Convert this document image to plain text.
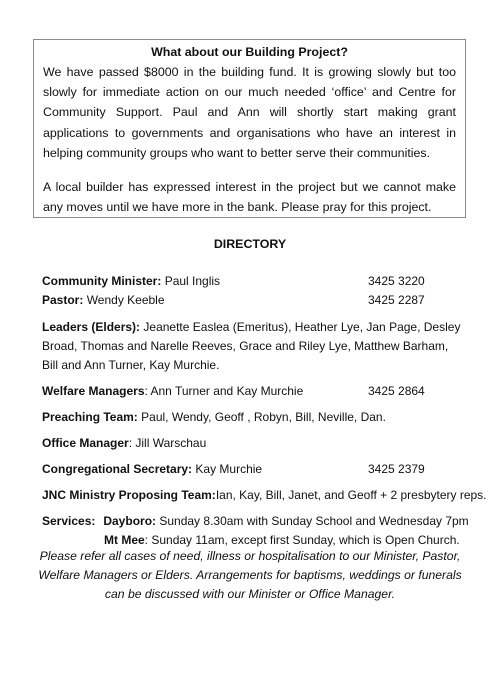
What about our Building Project?

We have passed $8000 in the building fund. It is growing slowly but too slowly for immediate action on our much needed ‘office’ and Centre for Community Support. Paul and Ann will shortly start making grant applications to governments and organisations who have an interest in helping community groups who want to better serve their communities.

A local builder has expressed interest in the project but we cannot make any moves until we have more in the bank. Please pray for this project.

DIRECTORY
Community Minister: Paul Inglis	3425 3220
Pastor: Wendy Keeble	3425 2287
Leaders (Elders): Jeanette Easlea (Emeritus), Heather Lye, Jan Page, Desley Broad, Thomas and Narelle Reeves, Grace and Riley Lye, Matthew Barham, Bill and Ann Turner, Kay Murchie.
Welfare Managers: Ann Turner and Kay Murchie	3425 2864
Preaching Team: Paul, Wendy, Geoff , Robyn, Bill, Neville, Dan.
Office Manager: Jill Warschau
Congregational Secretary: Kay Murchie	3425 2379
JNC Ministry Proposing Team:Ian, Kay, Bill, Janet, and Geoff + 2 presbytery reps.
Services: Dayboro: Sunday 8.30am with Sunday School and Wednesday 7pm
Mt Mee: Sunday 11am, except first Sunday, which is Open Church.
Please refer all cases of need, illness or hospitalisation to our Minister, Pastor, Welfare Managers or Elders. Arrangements for baptisms, weddings or funerals can be discussed with our Minister or Office Manager.
